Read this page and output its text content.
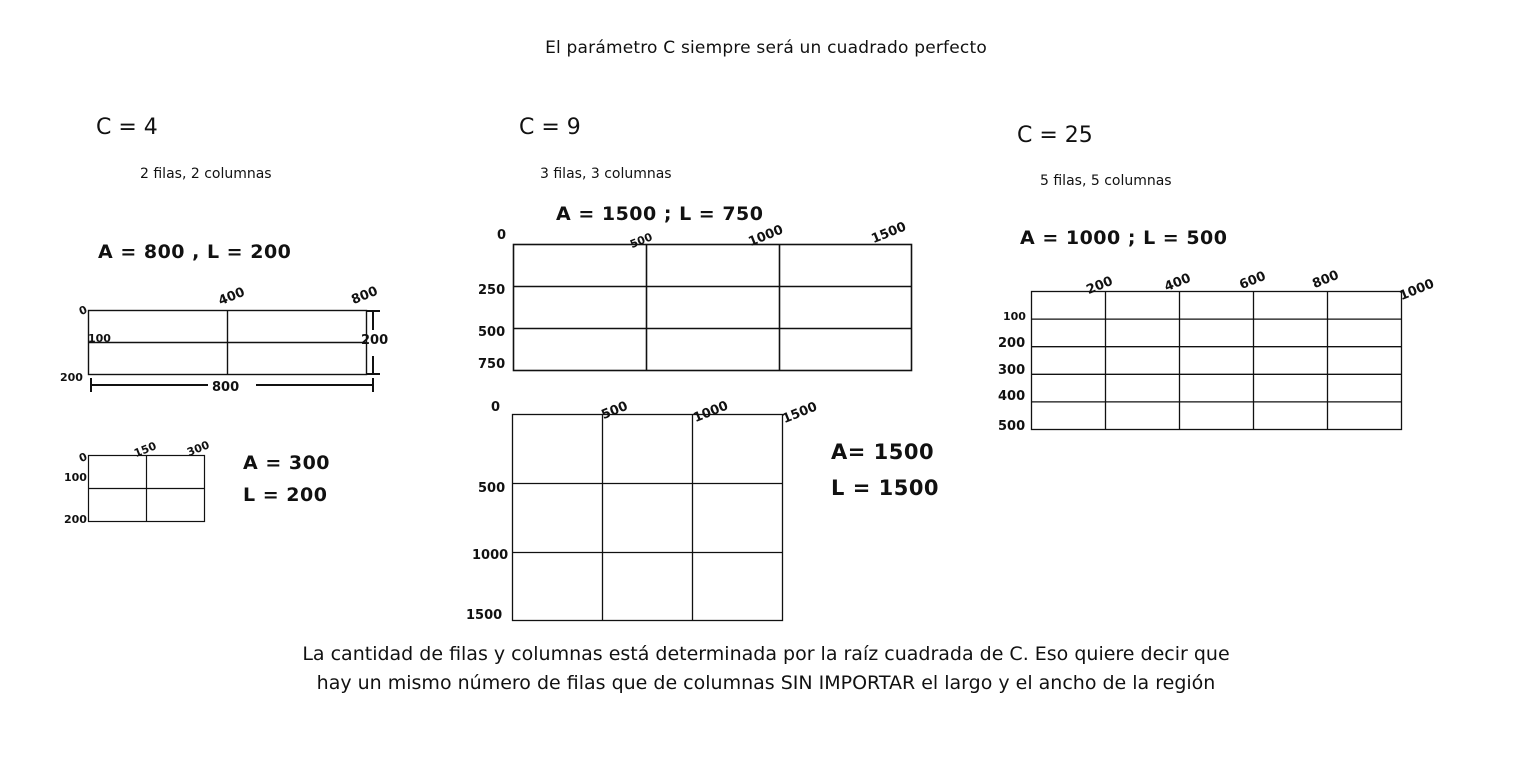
El parámetro C siempre será un cuadrado perfecto
C = 4
2 filas, 2 columnas
A = 800 , L = 200
0
400	800
100
200
800
200
0	150 300
100
200
A = 300
L = 200
C = 9
3 filas, 3 columnas
A = 1500 ; L = 750
0	500	1000	1500
250
500
750
0	500	1000	1500
500
1000
1500
A= 1500
L = 1500
C = 25
5 filas, 5 columnas
A = 1000 ; L = 500
200	400	600	800	1000
100
200
300
400
500
La cantidad de filas y columnas está determinada por la raíz cuadrada de C. Eso quiere decir que
hay un mismo número de filas que de columnas SIN IMPORTAR el largo y el ancho de la región
